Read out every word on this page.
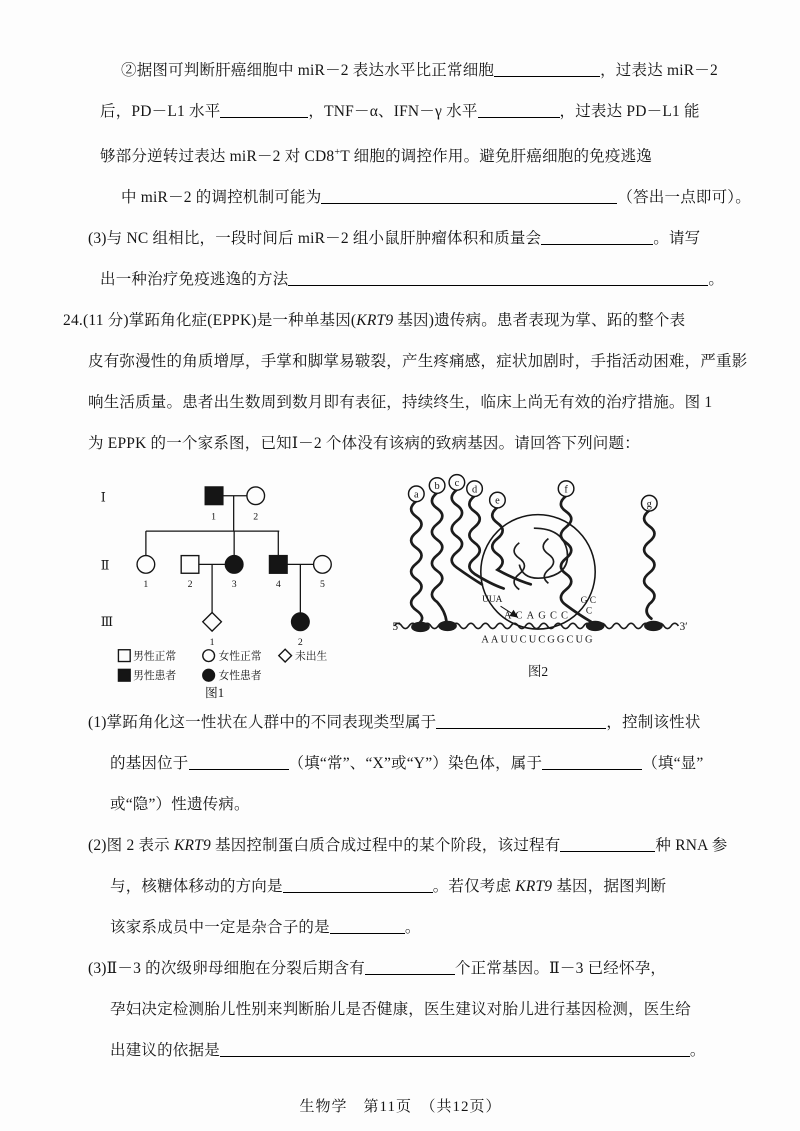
②据图可判断肝癌细胞中 miR－2 表达水平比正常细胞	，过表达 miR－2
后，PD－L1 水平	，TNF－α、IFN－γ 水平	，过表达 PD－L1 能
够部分逆转过表达 miR－2 对 CD8+T 细胞的调控作用。避免肝癌细胞的免疫逃逸
中 miR－2 的调控机制可能为	（答出一点即可）。
(3)与 NC 组相比，一段时间后 miR－2 组小鼠肝肿瘤体积和质量会	。请写
出一种治疗免疫逃逸的方法	。
24.(11 分)掌跖角化症(EPPK)是一种单基因(KRT9 基因)遗传病。患者表现为掌、跖的整个表
皮有弥漫性的角质增厚，手掌和脚掌易皲裂，产生疼痛感，症状加剧时，手指活动困难，严重影
响生活质量。患者出生数周到数月即有表征，持续终生，临床上尚无有效的治疗措施。图 1
为 EPPK 的一个家系图，已知Ⅰ－2 个体没有该病的致病基因。请回答下列问题：
Ⅰ
Ⅱ
Ⅲ
1	2
1	2	3	4	5
1	2
男性正常	女性正常	未出生
男性患者	女性患者
图1
a
b c
d
e
f
g
5′	3′
UUA
ACAGCC
G C
C
AAUUCUCGGCUG
图2
(1)掌跖角化这一性状在人群中的不同表现类型属于	，控制该性状
的基因位于	（填“常”、“X”或“Y”）染色体，属于	（填“显”
或“隐”）性遗传病。
(2)图 2 表示 KRT9 基因控制蛋白质合成过程中的某个阶段，该过程有	种 RNA 参
与，核糖体移动的方向是	。若仅考虑 KRT9 基因，据图判断
该家系成员中一定是杂合子的是	。
(3)Ⅱ－3 的次级卵母细胞在分裂后期含有	个正常基因。Ⅱ－3 已经怀孕，
孕妇决定检测胎儿性别来判断胎儿是否健康，医生建议对胎儿进行基因检测，医生给
出建议的依据是	。
生物学　第11页　（共12页）
